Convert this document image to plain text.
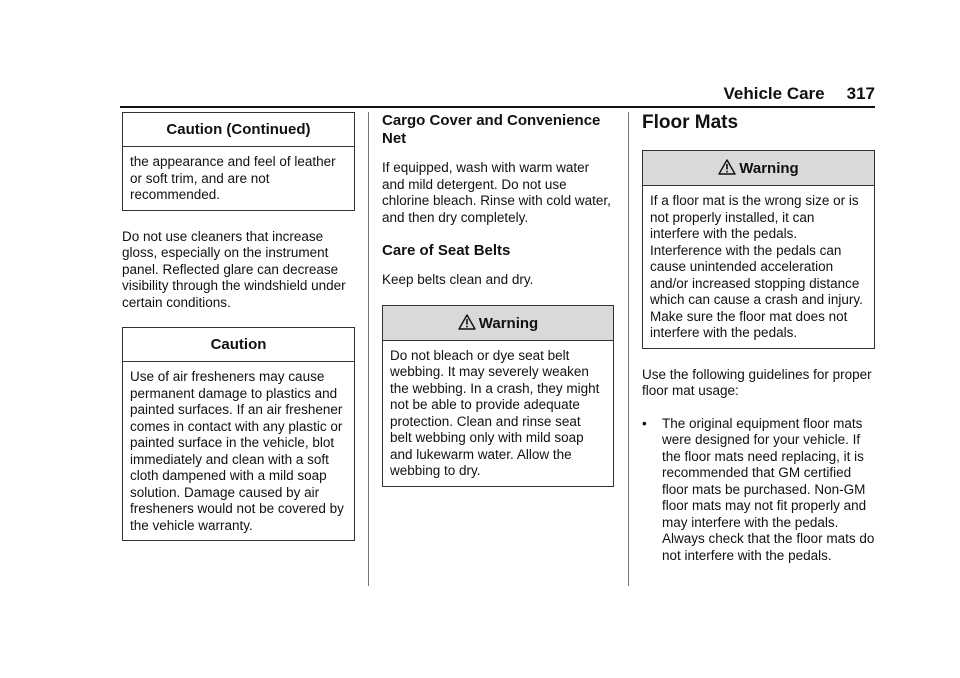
Vehicle Care 317
Caution (Continued)
the appearance and feel of leather or soft trim, and are not recommended.

Do not use cleaners that increase gloss, especially on the instrument panel. Reflected glare can decrease visibility through the windshield under certain conditions.

Caution
Use of air fresheners may cause permanent damage to plastics and painted surfaces. If an air freshener comes in contact with any plastic or painted surface in the vehicle, blot immediately and clean with a soft cloth dampened with a mild soap solution. Damage caused by air fresheners would not be covered by the vehicle warranty.
Cargo Cover and Convenience Net

If equipped, wash with warm water and mild detergent. Do not use chlorine bleach. Rinse with cold water, and then dry completely.

Care of Seat Belts

Keep belts clean and dry.

Warning
Do not bleach or dye seat belt webbing. It may severely weaken the webbing. In a crash, they might not be able to provide adequate protection. Clean and rinse seat belt webbing only with mild soap and lukewarm water. Allow the webbing to dry.
Floor Mats
Warning
If a floor mat is the wrong size or is not properly installed, it can interfere with the pedals. Interference with the pedals can cause unintended acceleration and/or increased stopping distance which can cause a crash and injury. Make sure the floor mat does not interfere with the pedals.

Use the following guidelines for proper floor mat usage:

•	The original equipment floor mats were designed for your vehicle. If the floor mats need replacing, it is recommended that GM certified floor mats be purchased. Non-GM floor mats may not fit properly and may interfere with the pedals. Always check that the floor mats do not interfere with the pedals.
